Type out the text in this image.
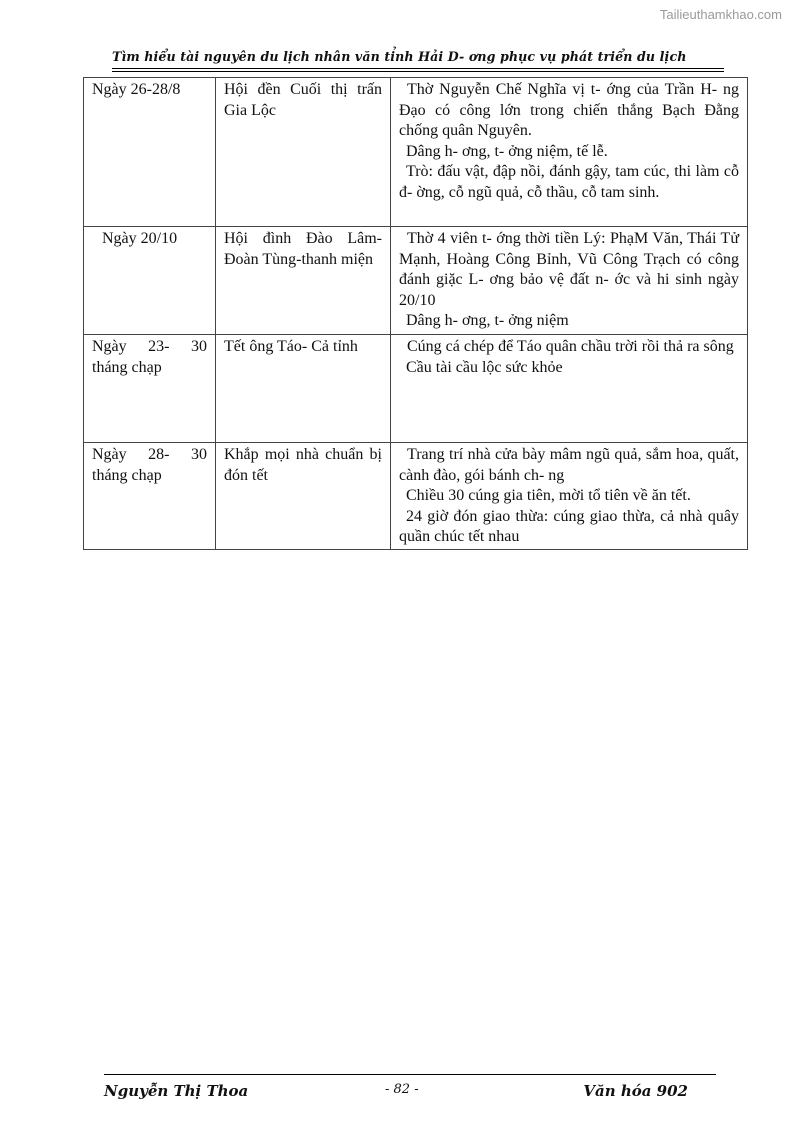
Tailieuthamkhao.com
Tìm hiểu tài nguyên du lịch nhân văn tỉnh Hải D- ơng phục vụ phát triển du lịch
Ngày 26-28/8	Hội đền Cuối thị trấn Gia Lộc	Thờ Nguyễn Chế Nghĩa vị t- ớng của Trần H- ng Đạo có công lớn trong chiến thắng Bạch Đằng chống quân Nguyên.

Dâng h- ơng, t- ởng niệm, tế lễ.

Trò: đấu vật, đập nồi, đánh gậy, tam cúc, thi làm cỗ đ- ờng, cỗ ngũ quả, cỗ thầu, cỗ tam sinh.

Ngày 20/10	Hội đình Đào Lâm-Đoàn Tùng-thanh miện	Thờ 4 viên t- ớng thời tiền Lý: PhạM Văn, Thái Tử Mạnh, Hoàng Công Bỉnh, Vũ Công Trạch có công đánh giặc L- ơng bảo vệ đất n- ớc và hi sinh ngày 20/10

Dâng h- ơng, t- ởng niệm

Ngày 23- 30 tháng chạp	Tết ông Táo- Cả tỉnh	Cúng cá chép để Táo quân chầu trời rồi thả ra sông

Cầu tài cầu lộc sức khỏe

Ngày 28- 30 tháng chạp	Khắp mọi nhà chuẩn bị đón tết	Trang trí nhà cửa bày mâm ngũ quả, sắm hoa, quất, cành đào, gói bánh ch- ng

Chiều 30 cúng gia tiên, mời tổ tiên về ăn tết.

24 giờ đón giao thừa: cúng giao thừa, cả nhà quây quần chúc tết nhau

Nguyễn Thị Thoa	- 82 -	Văn hóa 902
